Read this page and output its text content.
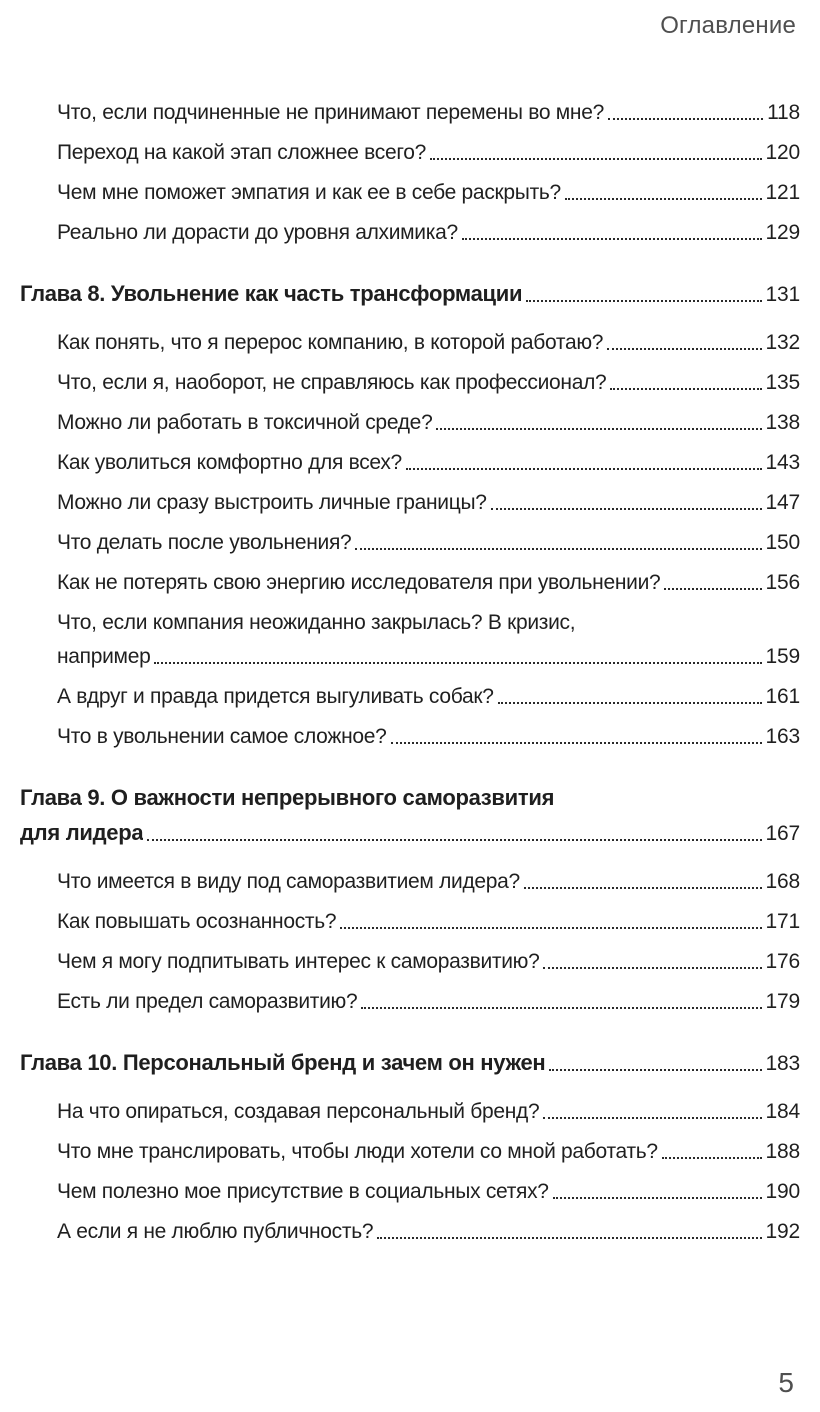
Оглавление
Что, если подчиненные не принимают перемены во мне?	118
Переход на какой этап сложнее всего?	120
Чем мне поможет эмпатия и как ее в себе раскрыть?	121
Реально ли дорасти до уровня алхимика?	129
Глава 8. Увольнение как часть трансформации	131
Как понять, что я перерос компанию, в которой работаю?	132
Что, если я, наоборот, не справляюсь как профессионал?	135
Можно ли работать в токсичной среде?	138
Как уволиться комфортно для всех?	143
Можно ли сразу выстроить личные границы?	147
Что делать после увольнения?	150
Как не потерять свою энергию исследователя при увольнении?	156
Что, если компания неожиданно закрылась? В кризис,
например	159
А вдруг и правда придется выгуливать собак?	161
Что в увольнении самое сложное?	163
Глава 9. О важности непрерывного саморазвития
для лидера	167
Что имеется в виду под саморазвитием лидера?	168
Как повышать осознанность?	171
Чем я могу подпитывать интерес к саморазвитию?	176
Есть ли предел саморазвитию?	179
Глава 10. Персональный бренд и зачем он нужен	183
На что опираться, создавая персональный бренд?	184
Что мне транслировать, чтобы люди хотели со мной работать?	188
Чем полезно мое присутствие в социальных сетях?	190
А если я не люблю публичность?	192
5
